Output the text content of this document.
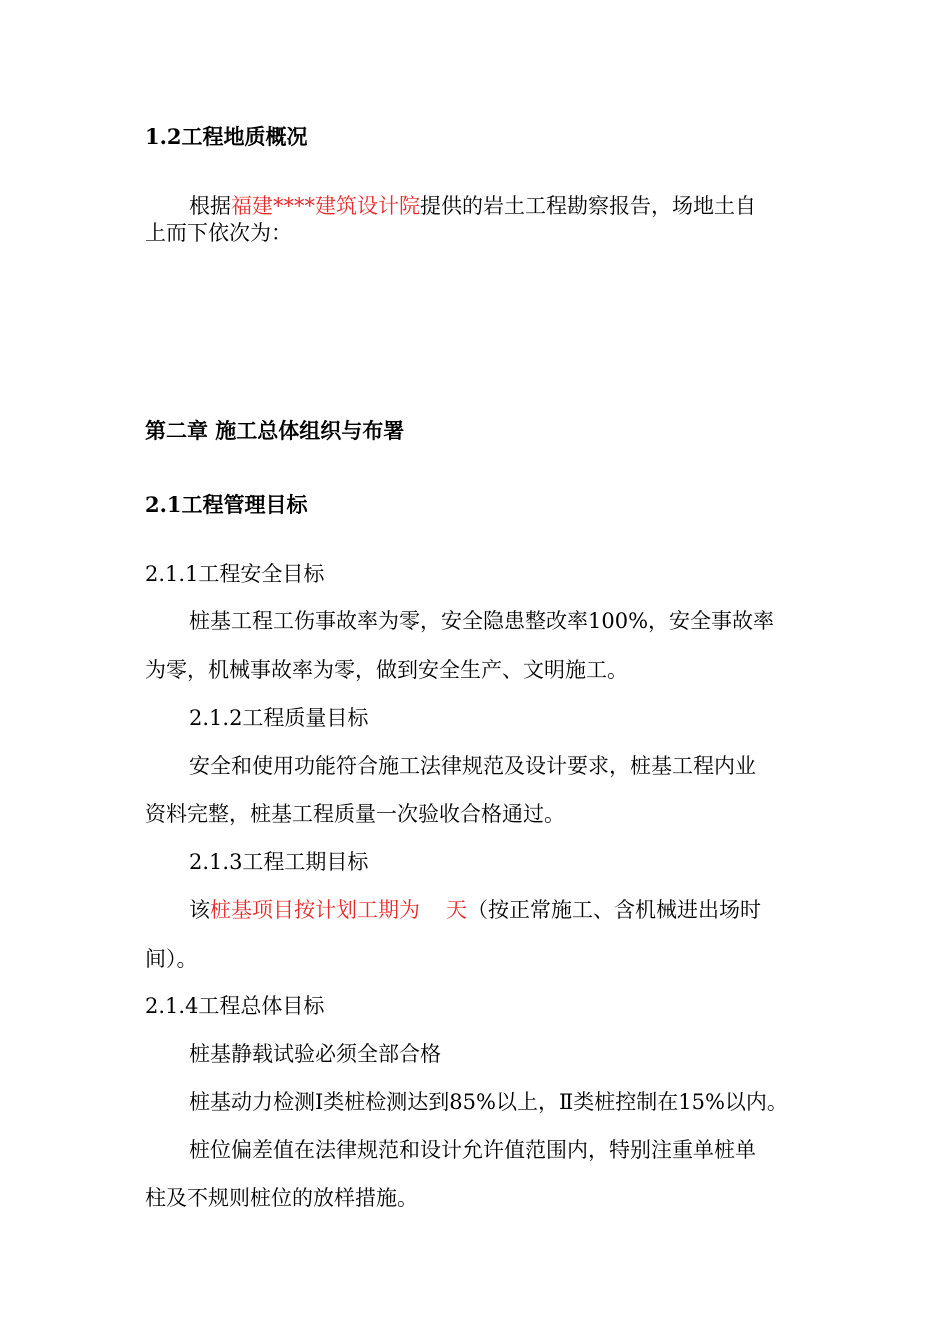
1.2工程地质概况
根据福建****建筑设计院提供的岩土工程勘察报告，场地土自
上而下依次为：
第二章 施工总体组织与布署
2.1工程管理目标
2.1.1工程安全目标
桩基工程工伤事故率为零，安全隐患整改率100%，安全事故率
为零，机械事故率为零，做到安全生产、文明施工。
2.1.2工程质量目标
安全和使用功能符合施工法律规范及设计要求，桩基工程内业
资料完整，桩基工程质量一次验收合格通过。
2.1.3工程工期目标
该桩基项目按计划工期为 天（按正常施工、含机械进出场时
间）。
2.1.4工程总体目标
桩基静载试验必须全部合格
桩基动力检测Ⅰ类桩检测达到85%以上，Ⅱ类桩控制在15%以内。
桩位偏差值在法律规范和设计允许值范围内，特别注重单桩单
柱及不规则桩位的放样措施。
